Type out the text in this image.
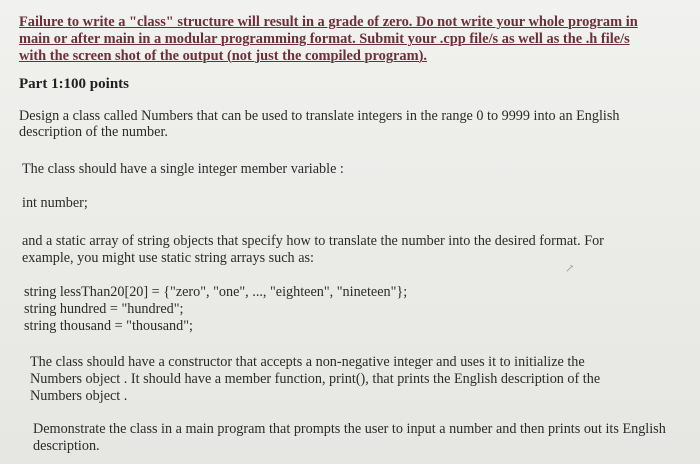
Failure to write a "class" structure will result in a grade of zero. Do not write your whole program in
main or after main in a modular programming format. Submit your .cpp file/s as well as the .h file/s
with the screen shot of the output (not just the compiled program).
Part 1:100 points
Design a class called Numbers that can be used to translate integers in the range 0 to 9999 into an English
description of the number.
The class should have a single integer member variable :
int number;
and a static array of string objects that specify how to translate the number into the desired format. For
example, you might use static string arrays such as:
↗
string lessThan20[20] = {"zero", "one", ..., "eighteen", "nineteen"};
string hundred = "hundred";
string thousand = "thousand";
The class should have a constructor that accepts a non-negative integer and uses it to initialize the
Numbers object . It should have a member function, print(), that prints the English description of the
Numbers object .
Demonstrate the class in a main program that prompts the user to input a number and then prints out its English
description.
